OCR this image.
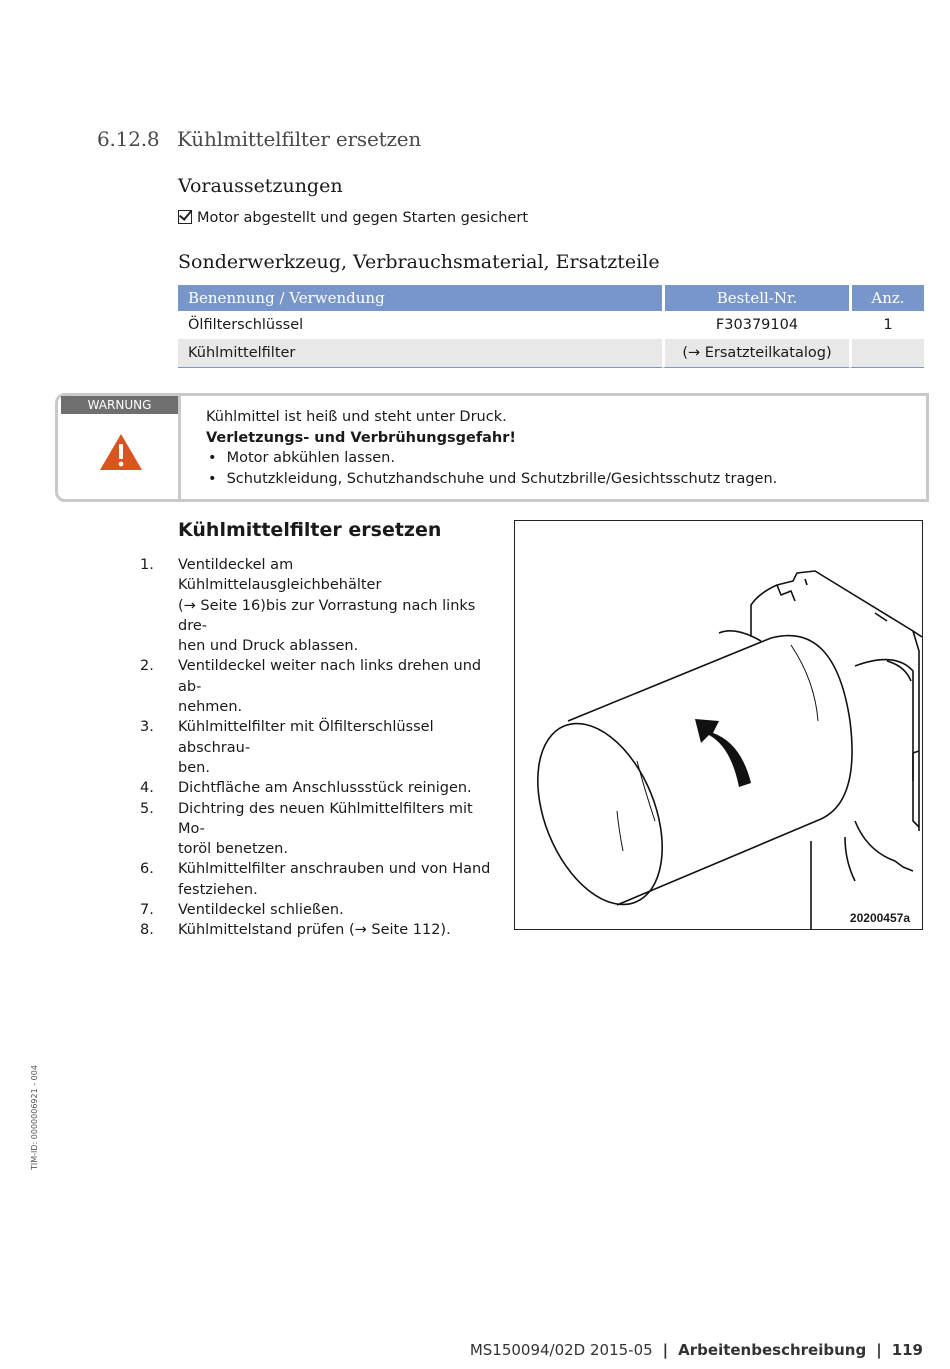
6.12.8 Kühlmittelfilter ersetzen
Voraussetzungen
Motor abgestellt und gegen Starten gesichert
Sonderwerkzeug, Verbrauchsmaterial, Ersatzteile
Benennung / Verwendung	Bestell-Nr.	Anz.
Ölfilterschlüssel	F30379104	1
Kühlmittelfilter	(→ Ersatzteilkatalog)	
WARNUNG
Kühlmittel ist heiß und steht unter Druck.
Verletzungs- und Verbrühungsgefahr!
• Motor abkühlen lassen.
• Schutzkleidung, Schutzhandschuhe und Schutzbrille/Gesichtsschutz tragen.
Kühlmittelfilter ersetzen
1.	Ventildeckel am Kühlmittelausgleichbehälter
(→ Seite 16)bis zur Vorrastung nach links dre-
hen und Druck ablassen.
2.	Ventildeckel weiter nach links drehen und ab-
nehmen.
3.	Kühlmittelfilter mit Ölfilterschlüssel abschrau-
ben.
4.	Dichtfläche am Anschlussstück reinigen.
5.	Dichtring des neuen Kühlmittelfilters mit Mo-
toröl benetzen.
6.	Kühlmittelfilter anschrauben und von Hand
festziehen.
7.	Ventildeckel schließen.
8.	Kühlmittelstand prüfen (→ Seite 112).
20200457a
TIM-ID: 0000006921 - 004
MS150094/02D 2015-05 | Arbeitenbeschreibung | 119
